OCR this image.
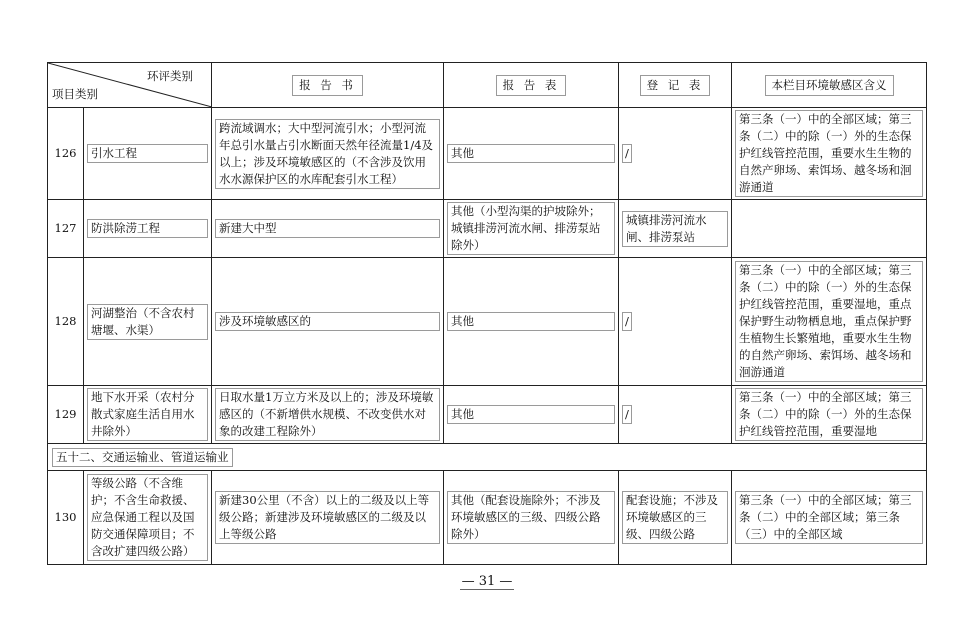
环评类别
项目类别		报 告 书	报 告 表	登 记 表	本栏目环境敏感区含义
126	引水工程	跨流域调水；大中型河流引水；小型河流年总引水量占引水断面天然年径流量1/4及以上；涉及环境敏感区的（不含涉及饮用水水源保护区的水库配套引水工程）	其他	/	第三条（一）中的全部区域；第三条（二）中的除（一）外的生态保护红线管控范围，重要水生生物的自然产卵场、索饵场、越冬场和洄游通道

127	防洪除涝工程	新建大中型	其他（小型沟渠的护坡除外；城镇排涝河流水闸、排涝泵站除外）	城镇排涝河流水闸、排涝泵站	

128	河湖整治（不含农村塘堰、水渠）	涉及环境敏感区的	其他	/	第三条（一）中的全部区域；第三条（二）中的除（一）外的生态保护红线管控范围，重要湿地，重点保护野生动物栖息地，重点保护野生植物生长繁殖地，重要水生生物的自然产卵场、索饵场、越冬场和洄游通道

129	地下水开采（农村分散式家庭生活自用水井除外）	日取水量1万立方米及以上的；涉及环境敏感区的（不新增供水规模、不改变供水对象的改建工程除外）	其他	/	第三条（一）中的全部区域；第三条（二）中的除（一）外的生态保护红线管控范围，重要湿地

五十二、交通运输业、管道运输业					
130	等级公路（不含维护；不含生命救援、应急保通工程以及国防交通保障项目；不含改扩建四级公路）	新建30公里（不含）以上的二级及以上等级公路；新建涉及环境敏感区的二级及以上等级公路	其他（配套设施除外；不涉及环境敏感区的三级、四级公路除外）	配套设施；不涉及环境敏感区的三级、四级公路	第三条（一）中的全部区域；第三条（二）中的全部区域；第三条（三）中的全部区域
— 31 —
